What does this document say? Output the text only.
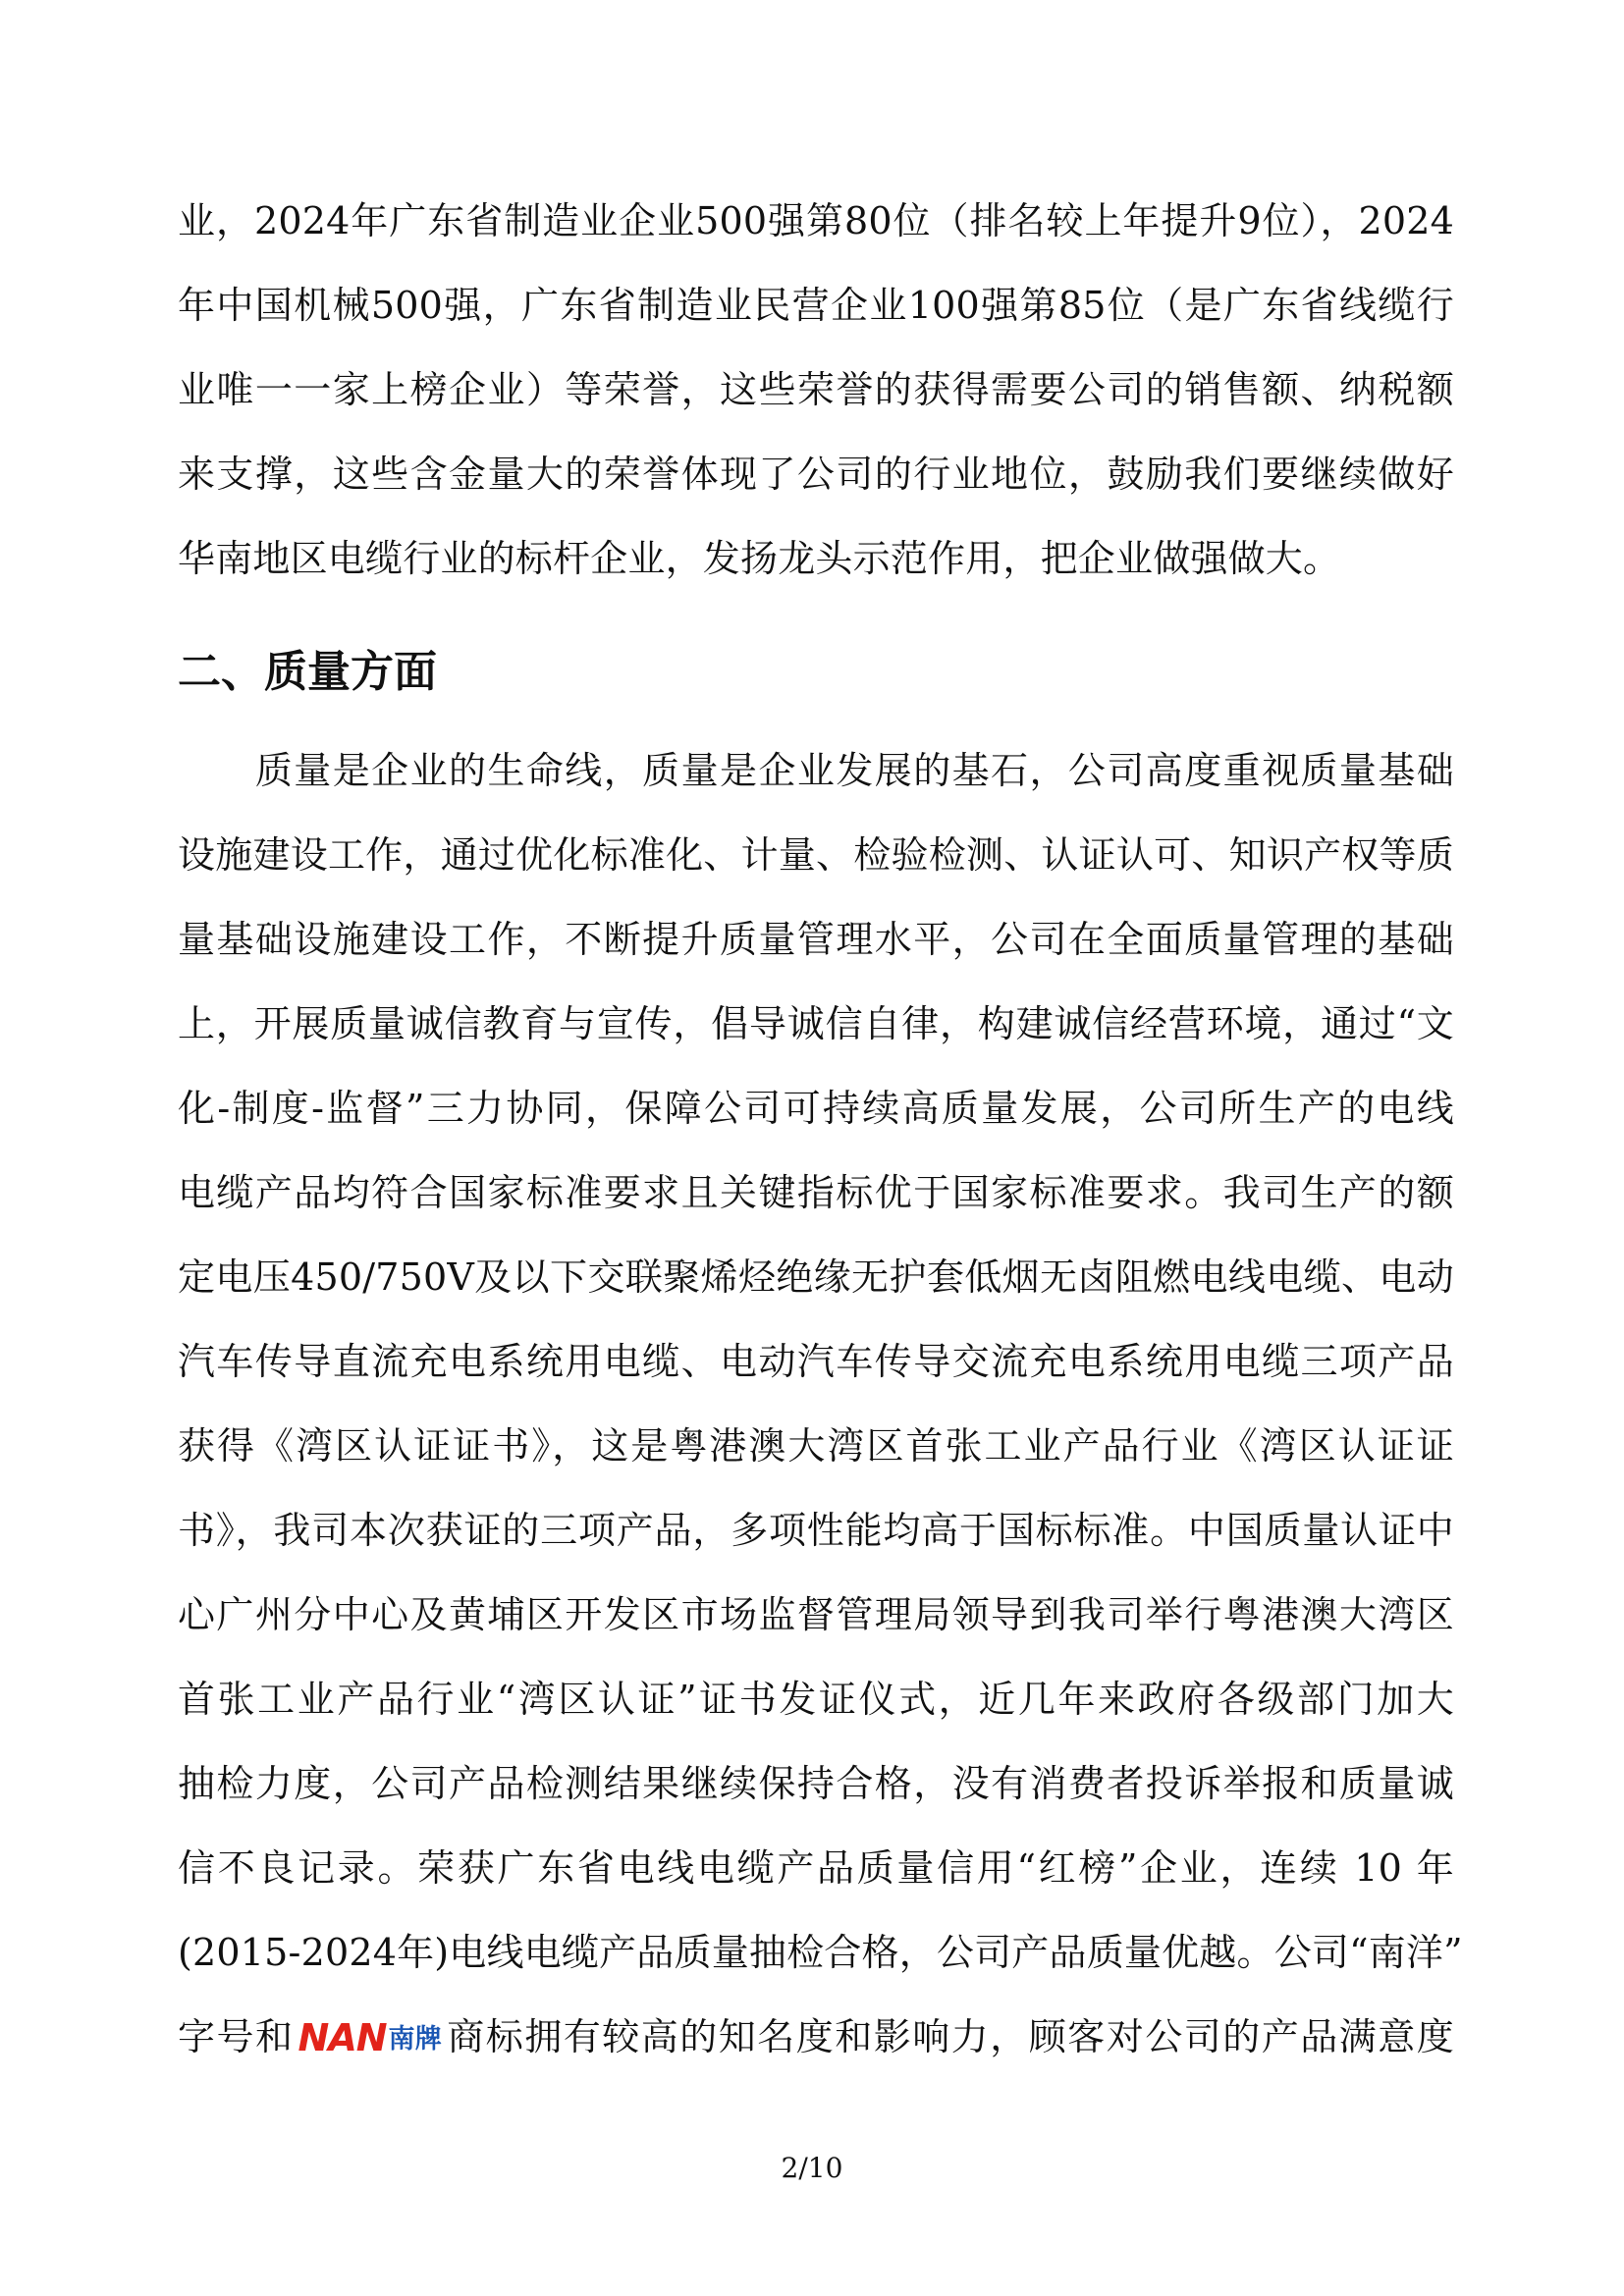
业，2024年广东省制造业企业500强第80位（排名较上年提升9位），2024
年中国机械500强，广东省制造业民营企业100强第85位（是广东省线缆行
业唯一一家上榜企业）等荣誉，这些荣誉的获得需要公司的销售额、纳税额
来支撑，这些含金量大的荣誉体现了公司的行业地位，鼓励我们要继续做好
华南地区电缆行业的标杆企业，发扬龙头示范作用，把企业做强做大。
二、质量方面
　　质量是企业的生命线，质量是企业发展的基石，公司高度重视质量基础
设施建设工作，通过优化标准化、计量、检验检测、认证认可、知识产权等质
量基础设施建设工作，不断提升质量管理水平，公司在全面质量管理的基础
上，开展质量诚信教育与宣传，倡导诚信自律，构建诚信经营环境，通过“文
化-制度-监督”三力协同，保障公司可持续高质量发展，公司所生产的电线
电缆产品均符合国家标准要求且关键指标优于国家标准要求。我司生产的额
定电压450/750V及以下交联聚烯烃绝缘无护套低烟无卤阻燃电线电缆、电动
汽车传导直流充电系统用电缆、电动汽车传导交流充电系统用电缆三项产品
获得《湾区认证证书》，这是粤港澳大湾区首张工业产品行业《湾区认证证
书》，我司本次获证的三项产品，多项性能均高于国标标准。中国质量认证中
心广州分中心及黄埔区开发区市场监督管理局领导到我司举行粤港澳大湾区
首张工业产品行业“湾区认证”证书发证仪式，近几年来政府各级部门加大
抽检力度，公司产品检测结果继续保持合格，没有消费者投诉举报和质量诚
信不良记录。荣获广东省电线电缆产品质量信用“红榜”企业，连续 10 年
(2015-2024年)电线电缆产品质量抽检合格，公司产品质量优越。公司“南洋”
字号和 NAN南牌 商标拥有较高的知名度和影响力，顾客对公司的产品满意度
2/10
